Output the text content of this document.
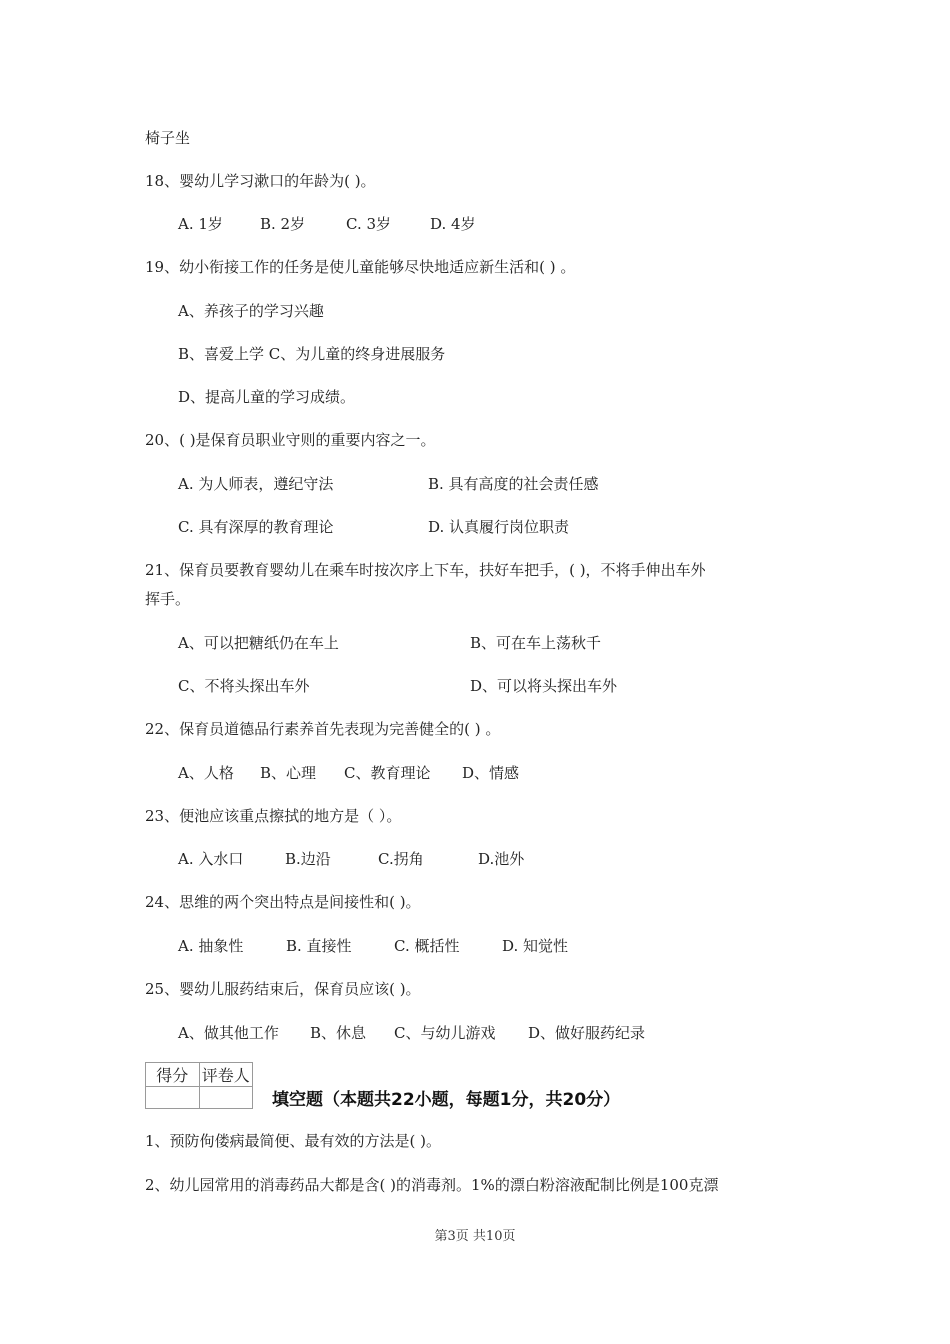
椅子坐
18、婴幼儿学习漱口的年龄为( )。
A. 1岁	B. 2岁	C. 3岁	D. 4岁
19、幼小衔接工作的任务是使儿童能够尽快地适应新生活和( ) 。
A、养孩子的学习兴趣
B、喜爱上学 C、为儿童的终身进展服务
D、提高儿童的学习成绩。
20、( )是保育员职业守则的重要内容之一。
A. 为人师表，遵纪守法	B. 具有高度的社会责任感
C. 具有深厚的教育理论	D. 认真履行岗位职责
21、保育员要教育婴幼儿在乘车时按次序上下车，扶好车把手，( )，不将手伸出车外
挥手。
A、可以把糖纸仍在车上	B、可在车上荡秋千
C、不将头探出车外	D、可以将头探出车外
22、保育员道德品行素养首先表现为完善健全的( ) 。
A、人格	B、心理	C、教育理论	D、情感
23、便池应该重点擦拭的地方是（ ）。
A. 入水口	B.边沿	C.拐角	D.池外
24、思维的两个突出特点是间接性和( )。
A. 抽象性	B. 直接性	C. 概括性	D. 知觉性
25、婴幼儿服药结束后，保育员应该( )。
A、做其他工作	B、休息	C、与幼儿游戏	D、做好服药纪录
得分	评卷人

填空题（本题共22小题，每题1分，共20分）
1、预防佝偻病最简便、最有效的方法是( )。
2、幼儿园常用的消毒药品大都是含( )的消毒剂。1%的漂白粉溶液配制比例是100克漂
第3页 共10页
